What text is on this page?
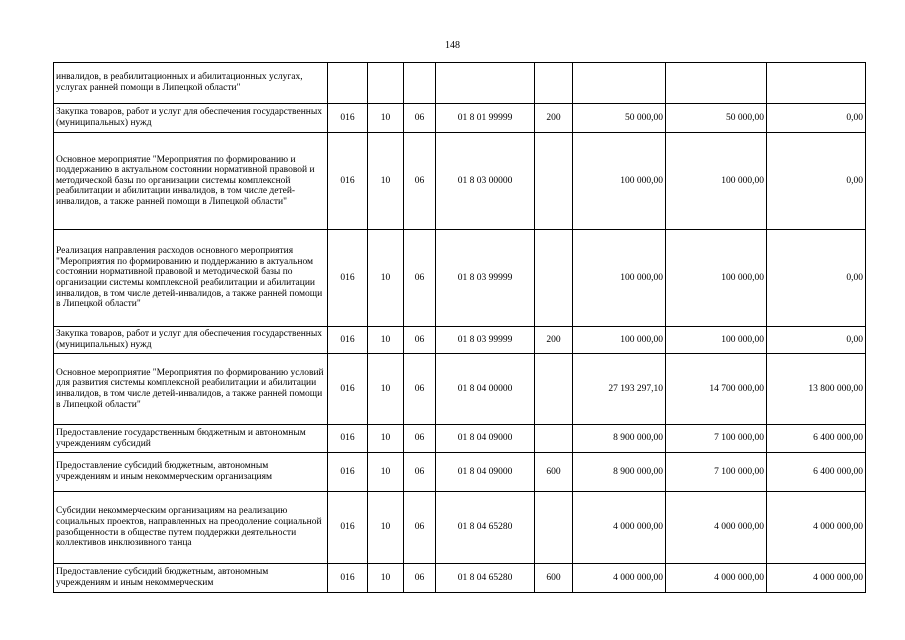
148
инвалидов, в реабилитационных и абилитационных услугах, услугах ранней помощи в Липецкой области"								
Закупка товаров, работ и услуг для обеспечения государственных (муниципальных) нужд	016	10	06	01 8 01 99999	200	50 000,00	50 000,00	0,00
Основное мероприятие "Мероприятия по формированию и поддержанию в актуальном состоянии нормативной правовой и методической базы по организации системы комплексной реабилитации и абилитации инвалидов, в том числе детей-инвалидов, а также ранней помощи в Липецкой области"	016	10	06	01 8 03 00000		100 000,00	100 000,00	0,00
Реализация направления расходов основного мероприятия "Мероприятия по формированию и поддержанию в актуальном состоянии нормативной правовой и методической базы по организации системы комплексной реабилитации и абилитации инвалидов, в том числе детей-инвалидов, а также ранней помощи в Липецкой области"	016	10	06	01 8 03 99999		100 000,00	100 000,00	0,00
Закупка товаров, работ и услуг для обеспечения государственных (муниципальных) нужд	016	10	06	01 8 03 99999	200	100 000,00	100 000,00	0,00
Основное мероприятие "Мероприятия по формированию условий для развития системы комплексной реабилитации и абилитации инвалидов, в том числе детей-инвалидов, а также ранней помощи в Липецкой области"	016	10	06	01 8 04 00000		27 193 297,10	14 700 000,00	13 800 000,00
Предоставление государственным бюджетным и автономным учреждениям субсидий	016	10	06	01 8 04 09000		8 900 000,00	7 100 000,00	6 400 000,00
Предоставление субсидий бюджетным, автономным учреждениям и иным некоммерческим организациям	016	10	06	01 8 04 09000	600	8 900 000,00	7 100 000,00	6 400 000,00
Субсидии некоммерческим организациям на реализацию социальных проектов, направленных на преодоление социальной разобщенности в обществе путем поддержки деятельности коллективов инклюзивного танца	016	10	06	01 8 04 65280		4 000 000,00	4 000 000,00	4 000 000,00
Предоставление субсидий бюджетным, автономным учреждениям и иным некоммерческим	016	10	06	01 8 04 65280	600	4 000 000,00	4 000 000,00	4 000 000,00
